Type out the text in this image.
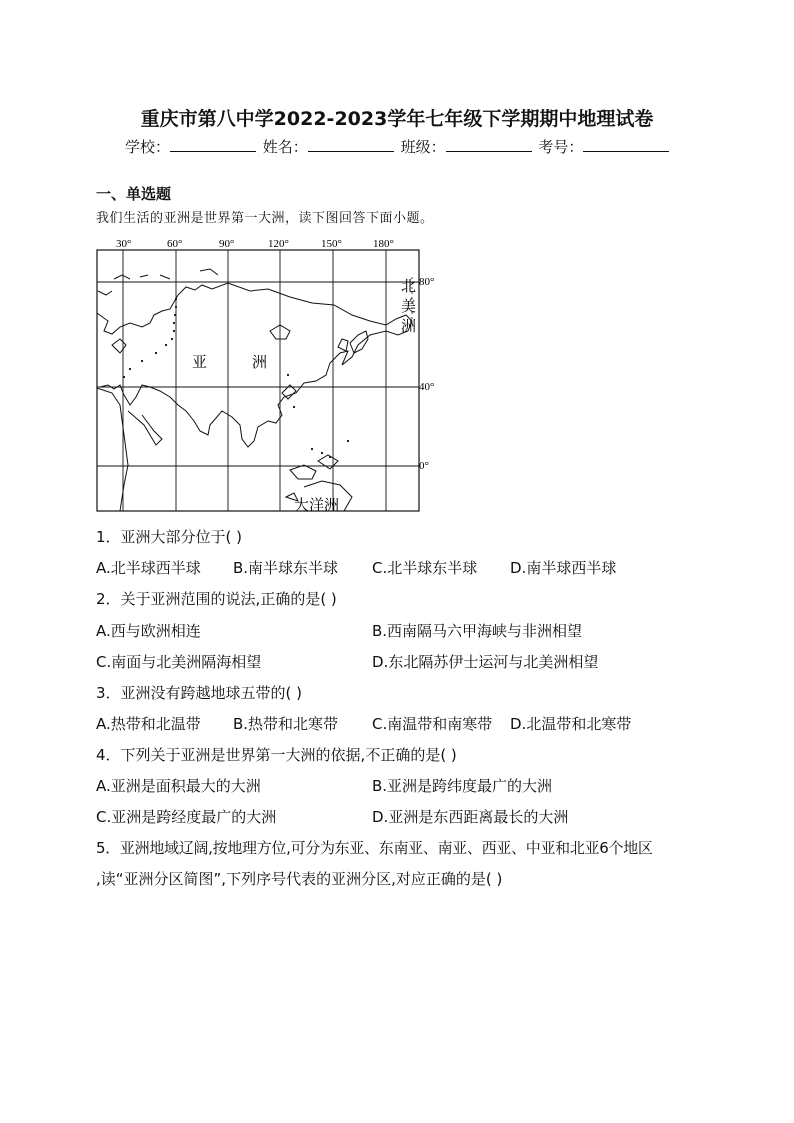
重庆市第八中学2022-2023学年七年级下学期期中地理试卷
学校：	姓名：	班级：	考号：
一、单选题
我们生活的亚洲是世界第一大洲，读下图回答下面小题。
30°	60°	90°	120°	150°	180°
80°
40°
0°
亚	洲
北
美
洲
大洋洲
1．亚洲大部分位于( )
A.北半球西半球 B.南半球东半球 C.北半球东半球 D.南半球西半球
2．关于亚洲范围的说法,正确的是( )
A.西与欧洲相连	B.西南隔马六甲海峡与非洲相望
C.南面与北美洲隔海相望	D.东北隔苏伊士运河与北美洲相望
3．亚洲没有跨越地球五带的( )
A.热带和北温带 B.热带和北寒带 C.南温带和南寒带 D.北温带和北寒带
4．下列关于亚洲是世界第一大洲的依据,不正确的是( )
A.亚洲是面积最大的大洲	B.亚洲是跨纬度最广的大洲
C.亚洲是跨经度最广的大洲	D.亚洲是东西距离最长的大洲
5．亚洲地域辽阔,按地理方位,可分为东亚、东南亚、南亚、西亚、中亚和北亚6个地区
,读“亚洲分区简图”,下列序号代表的亚洲分区,对应正确的是( )
